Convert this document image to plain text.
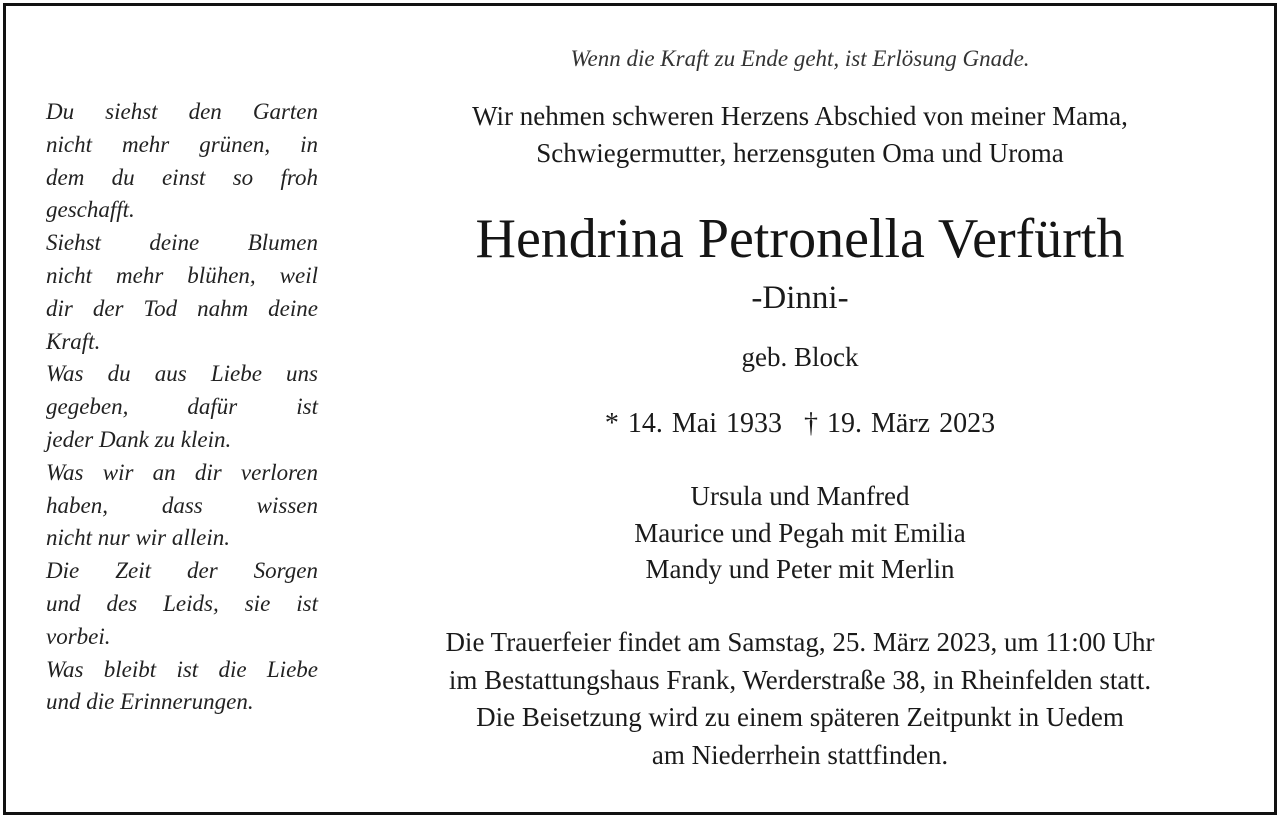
Du siehst den Garten
nicht mehr grünen, in
dem du einst so froh
geschafft.
Siehst deine Blumen
nicht mehr blühen, weil
dir der Tod nahm deine
Kraft.
Was du aus Liebe uns
gegeben, dafür ist
jeder Dank zu klein.
Was wir an dir verloren
haben, dass wissen
nicht nur wir allein.
Die Zeit der Sorgen
und des Leids, sie ist
vorbei.
Was bleibt ist die Liebe
und die Erinnerungen.
Wenn die Kraft zu Ende geht, ist Erlösung Gnade.
Wir nehmen schweren Herzens Abschied von meiner Mama,
Schwiegermutter, herzensguten Oma und Uroma
Hendrina Petronella Verfürth
-Dinni-
geb. Block
* 14. Mai 1933 † 19. März 2023
Ursula und Manfred
Maurice und Pegah mit Emilia
Mandy und Peter mit Merlin
Die Trauerfeier findet am Samstag, 25. März 2023, um 11:00 Uhr
im Bestattungshaus Frank, Werderstraße 38, in Rheinfelden statt.
Die Beisetzung wird zu einem späteren Zeitpunkt in Uedem
am Niederrhein stattfinden.
